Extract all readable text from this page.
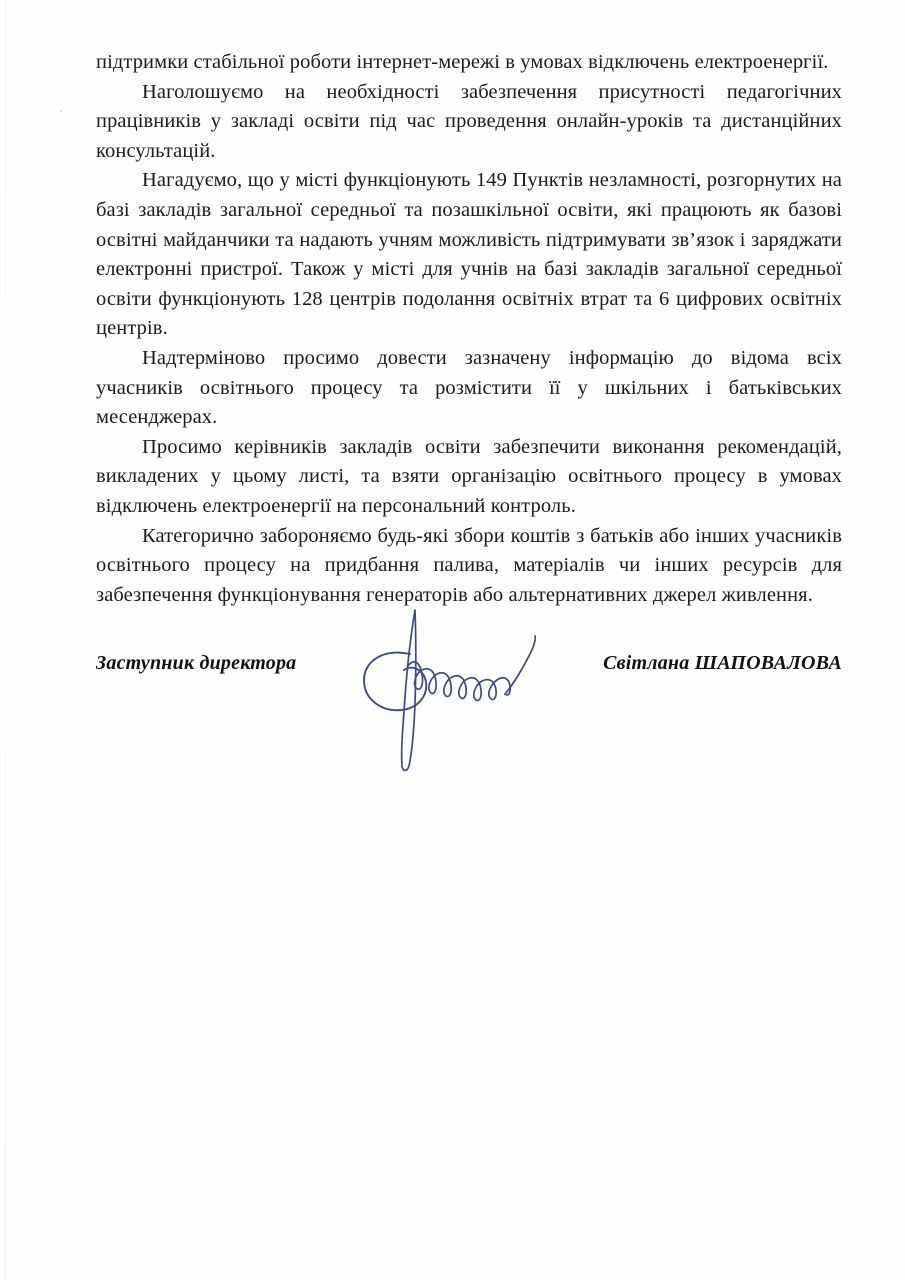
підтримки стабільної роботи інтернет-мережі в умовах відключень електроенергії.

Наголошуємо на необхідності забезпечення присутності педагогічних працівників у закладі освіти під час проведення онлайн-уроків та дистанційних консультацій.

Нагадуємо, що у місті функціонують 149 Пунктів незламності, розгорнутих на базі закладів загальної середньої та позашкільної освіти, які працюють як базові освітні майданчики та надають учням можливість підтримувати зв’язок і заряджати електронні пристрої. Також у місті для учнів на базі закладів загальної середньої освіти функціонують 128 центрів подолання освітніх втрат та 6 цифрових освітніх центрів.

Надтерміново просимо довести зазначену інформацію до відома всіх учасників освітнього процесу та розмістити її у шкільних і батьківських месенджерах.

Просимо керівників закладів освіти забезпечити виконання рекомендацій, викладених у цьому листі, та взяти організацію освітнього процесу в умовах відключень електроенергії на персональний контроль.

Категорично забороняємо будь-які збори коштів з батьків або інших учасників освітнього процесу на придбання палива, матеріалів чи інших ресурсів для забезпечення функціонування генераторів або альтернативних джерел живлення.

Заступник директора	Світлана ШАПОВАЛОВА
